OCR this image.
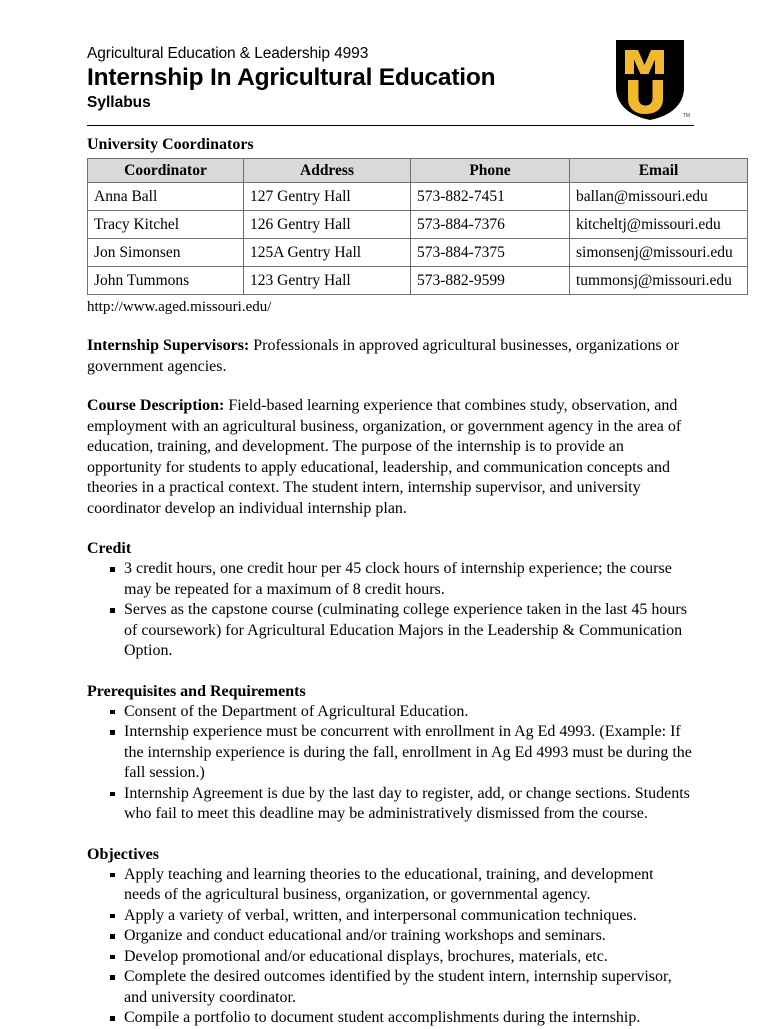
Agricultural Education & Leadership 4993
Internship In Agricultural Education
Syllabus
TM
University Coordinators
Coordinator	Address	Phone	Email
Anna Ball	127 Gentry Hall	573-882-7451	ballan@missouri.edu
Tracy Kitchel	126 Gentry Hall	573-884-7376	kitcheltj@missouri.edu
Jon Simonsen	125A Gentry Hall	573-884-7375	simonsenj@missouri.edu
John Tummons	123 Gentry Hall	573-882-9599	tummonsj@missouri.edu
http://www.aged.missouri.edu/

Internship Supervisors: Professionals in approved agricultural businesses, organizations or government agencies.

Course Description: Field-based learning experience that combines study, observation, and employment with an agricultural business, organization, or government agency in the area of education, training, and development. The purpose of the internship is to provide an opportunity for students to apply educational, leadership, and communication concepts and theories in a practical context. The student intern, internship supervisor, and university coordinator develop an individual internship plan.

Credit
3 credit hours, one credit hour per 45 clock hours of internship experience; the course may be repeated for a maximum of 8 credit hours.
Serves as the capstone course (culminating college experience taken in the last 45 hours of coursework) for Agricultural Education Majors in the Leadership & Communication Option.
Prerequisites and Requirements
Consent of the Department of Agricultural Education.
Internship experience must be concurrent with enrollment in Ag Ed 4993. (Example: If the internship experience is during the fall, enrollment in Ag Ed 4993 must be during the fall session.)
Internship Agreement is due by the last day to register, add, or change sections. Students who fail to meet this deadline may be administratively dismissed from the course.
Objectives
Apply teaching and learning theories to the educational, training, and development needs of the agricultural business, organization, or governmental agency.
Apply a variety of verbal, written, and interpersonal communication techniques.
Organize and conduct educational and/or training workshops and seminars.
Develop promotional and/or educational displays, brochures, materials, etc.
Complete the desired outcomes identified by the student intern, internship supervisor, and university coordinator.
Compile a portfolio to document student accomplishments during the internship.
